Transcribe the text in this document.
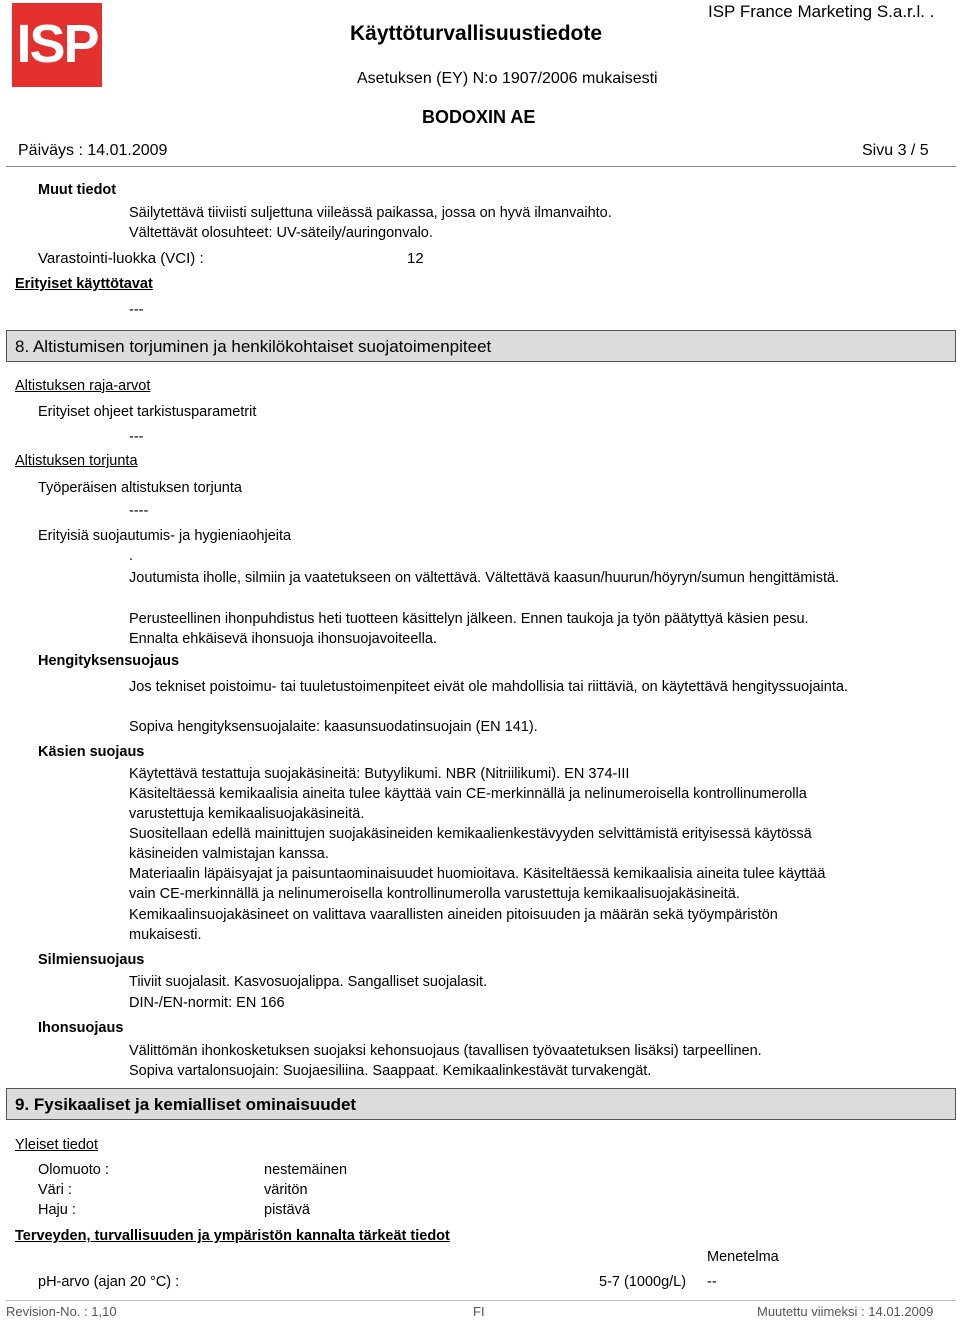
ISP	Käyttöturvallisuustiedote
ISP France Marketing S.a.r.l. .
Asetuksen (EY) N:o 1907/2006 mukaisesti
BODOXIN AE
Päiväys : 14.01.2009	Sivu 3 / 5
Muut tiedot
Säilytettävä tiiviisti suljettuna viileässä paikassa, jossa on hyvä ilmanvaihto.
Vältettävät olosuhteet: UV-säteily/auringonvalo.
Varastointi-luokka (VCI) :	12
Erityiset käyttötavat
---
8. Altistumisen torjuminen ja henkilökohtaiset suojatoimenpiteet
Altistuksen raja-arvot
Erityiset ohjeet tarkistusparametrit
---
Altistuksen torjunta
Työperäisen altistuksen torjunta
----
Erityisiä suojautumis- ja hygieniaohjeita
.
Joutumista iholle, silmiin ja vaatetukseen on vältettävä. Vältettävä kaasun/huurun/höyryn/sumun hengittämistä.
Perusteellinen ihonpuhdistus heti tuotteen käsittelyn jälkeen. Ennen taukoja ja työn päätyttyä käsien pesu. Ennalta ehkäisevä ihonsuoja ihonsuojavoiteella.
Hengityksensuojaus
Jos tekniset poistoimu- tai tuuletustoimenpiteet eivät ole mahdollisia tai riittäviä, on käytettävä hengityssuojainta.
Sopiva hengityksensuojalaite: kaasunsuodatinsuojain (EN 141).
Käsien suojaus
Käytettävä testattuja suojakäsineitä: Butyylikumi. NBR (Nitriilikumi). EN 374-III
Käsiteltäessä kemikaalisia aineita tulee käyttää vain CE-merkinnällä ja nelinumeroisella kontrollinumerolla varustettuja kemikaalisuojakäsineitä.
Suositellaan edellä mainittujen suojakäsineiden kemikaalienkestävyyden selvittämistä erityisessä käytössä käsineiden valmistajan kanssa.
Materiaalin läpäisyajat ja paisuntaominaisuudet huomioitava. Käsiteltäessä kemikaalisia aineita tulee käyttää vain CE-merkinnällä ja nelinumeroisella kontrollinumerolla varustettuja kemikaalisuojakäsineitä. Kemikaalinsuojakäsineet on valittava vaarallisten aineiden pitoisuuden ja määrän sekä työympäristön mukaisesti.
Silmiensuojaus
Tiiviit suojalasit. Kasvosuojalippa. Sangalliset suojalasit.
DIN-/EN-normit: EN 166
Ihonsuojaus
Välittömän ihonkosketuksen suojaksi kehonsuojaus (tavallisen työvaatetuksen lisäksi) tarpeellinen.
Sopiva vartalonsuojain: Suojaesiliina. Saappaat. Kemikaalinkestävät turvakengät.
9. Fysikaaliset ja kemialliset ominaisuudet
Yleiset tiedot
Olomuoto :	nestemäinen
Väri :	väritön
Haju :	pistävä
Terveyden, turvallisuuden ja ympäristön kannalta tärkeät tiedot
Menetelma
pH-arvo (ajan 20 °C) :	5-7 (1000g/L) --
Revision-No. : 1,10	FI	Muutettu viimeksi : 14.01.2009
